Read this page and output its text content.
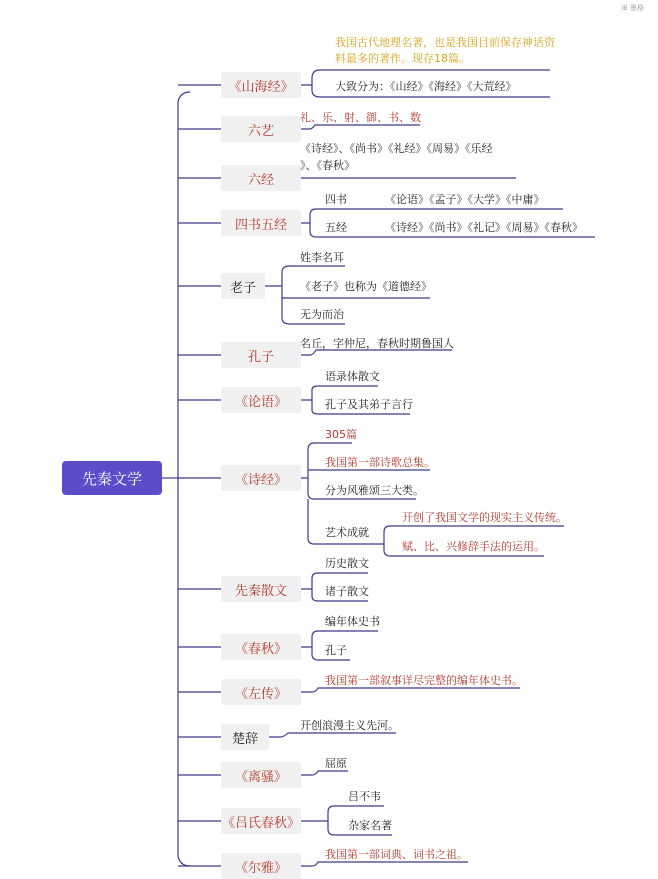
⊞ 墨格
先秦文学
《山海经》
我国古代地理名著，也是我国目前保存神话资
料最多的著作。现存18篇。
大致分为：《山经》《海经》《大荒经》
六艺
礼、乐、射、御、书、数
六经
《诗经》、《尚书》《礼经》《周易》《乐经
》、《春秋》
四书五经
四书	《论语》《孟子》《大学》《中庸》
五经	《诗经》《尚书》《礼记》《周易》《春秋》
老子
姓李名耳
《老子》也称为《道德经》
无为而治
孔子
名丘，字仲尼，春秋时期鲁国人
《论语》
语录体散文
孔子及其弟子言行
《诗经》
305篇
我国第一部诗歌总集。
分为风雅颂三大类。
艺术成就
开创了我国文学的现实主义传统。
赋、比、兴修辞手法的运用。
先秦散文
历史散文
诸子散文
《春秋》
编年体史书
孔子
《左传》
我国第一部叙事详尽完整的编年体史书。
楚辞
开创浪漫主义先河。
《离骚》
屈原
《吕氏春秋》
吕不韦
杂家名著
《尔雅》
我国第一部词典、词书之祖。
